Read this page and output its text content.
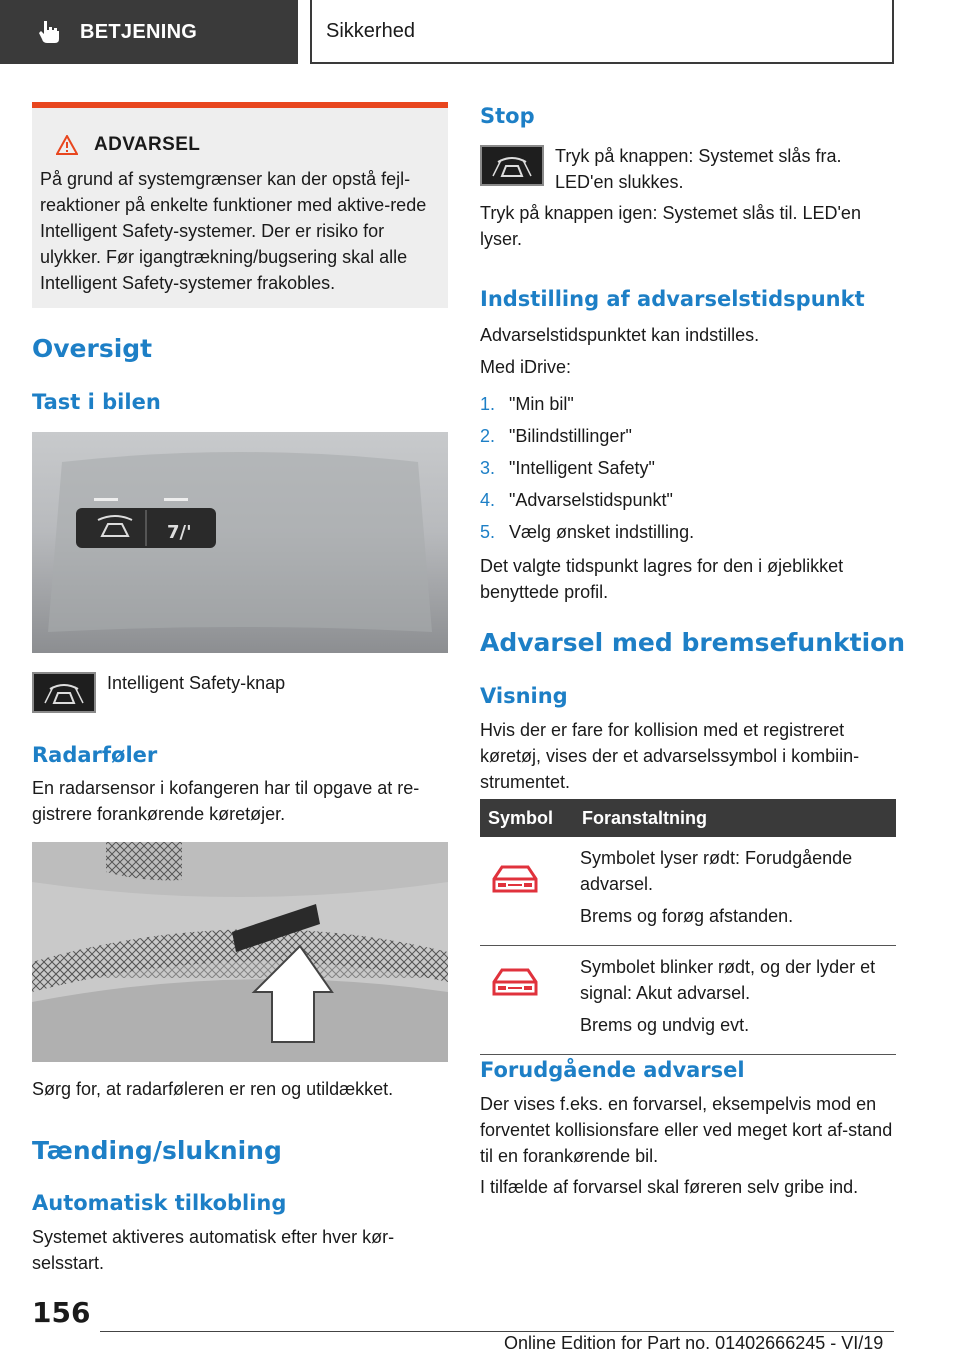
BETJENING	Sikkerhed
ADVARSEL

På grund af systemgrænser kan der opstå fejl-reaktioner på enkelte funktioner med aktive-rede Intelligent Safety-systemer. Der er risiko for ulykker. Før igangtrækning/bugsering skal alle Intelligent Safety-systemer frakobles.

Oversigt
Tast i bilen
7/'
Intelligent Safety-knap
Radarføler
En radarsensor i kofangeren har til opgave at re-gistrere forankørende køretøjer.
Sørg for, at radarføleren er ren og utildækket.
Tænding/slukning
Automatisk tilkobling
Systemet aktiveres automatisk efter hver kør-selsstart.
Stop
Tryk på knappen: Systemet slås fra. LED'en slukkes.
Tryk på knappen igen: Systemet slås til. LED'en lyser.
Indstilling af advarselstidspunkt
Advarselstidspunktet kan indstilles.
Med iDrive:
1. "Min bil"
2. "Bilindstillinger"
3. "Intelligent Safety"
4. "Advarselstidspunkt"
5. Vælg ønsket indstilling.
Det valgte tidspunkt lagres for den i øjeblikket benyttede profil.
Advarsel med bremsefunktion
Visning
Hvis der er fare for kollision med et registreret køretøj, vises der et advarselssymbol i kombiin-strumentet.
Symbol	Foranstaltning

Symbolet lyser rødt: Forudgående advarsel.

Brems og forøg afstanden.

Symbolet blinker rødt, og der lyder et signal: Akut advarsel.

Brems og undvig evt.

Forudgående advarsel
Der vises f.eks. en forvarsel, eksempelvis mod en forventet kollisionsfare eller ved meget kort af-stand til en forankørende bil.
I tilfælde af forvarsel skal føreren selv gribe ind.
156
Online Edition for Part no. 01402666245 - VI/19
